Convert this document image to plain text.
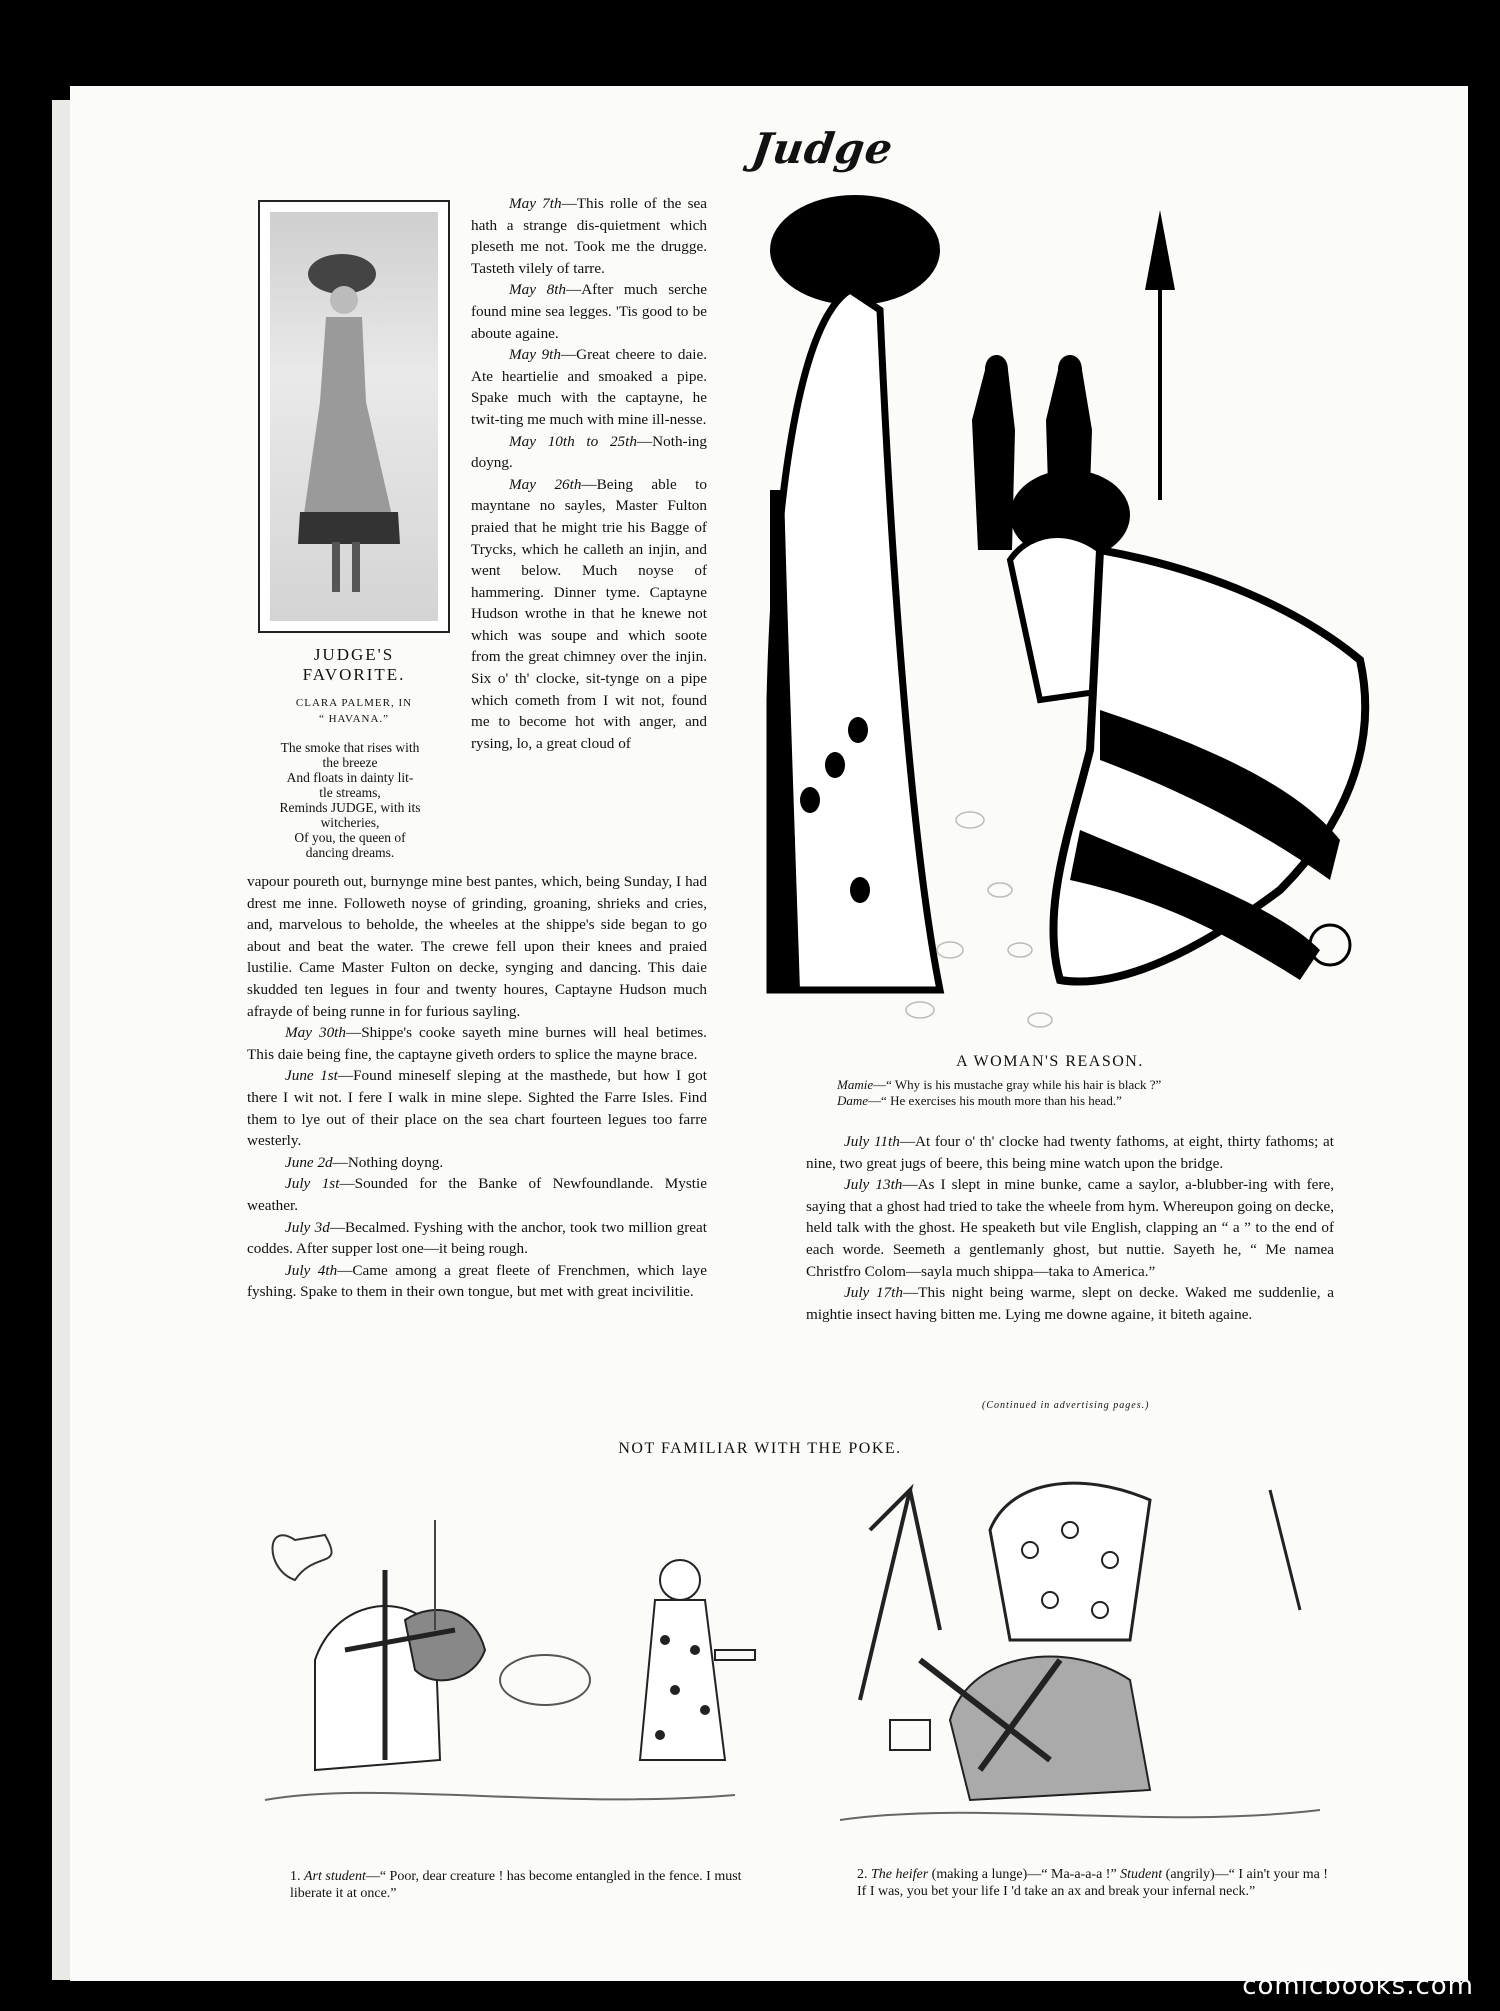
Judge
JUDGE'S
FAVORITE.
CLARA PALMER, IN
“ HAVANA.”
The smoke that rises with
the breeze
And floats in dainty lit-
tle streams,
Reminds JUDGE, with its
witcheries,
Of you, the queen of
dancing dreams.

May 7th—This rolle of the sea hath a strange dis-quietment which pleseth me not. Took me the drugge. Tasteth vilely of tarre.

May 8th—After much serche found mine sea legges. 'Tis good to be aboute againe.

May 9th—Great cheere to daie. Ate heartielie and smoaked a pipe. Spake much with the captayne, he twit-ting me much with mine ill-nesse.

May 10th to 25th—Noth-ing doyng.

May 26th—Being able to mayntane no sayles, Master Fulton praied that he might trie his Bagge of Trycks, which he calleth an injin, and went below. Much noyse of hammering. Dinner tyme. Captayne Hudson wrothe in that he knewe not which was soupe and which soote from the great chimney over the injin. Six o' th' clocke, sit-tynge on a pipe which cometh from I wit not, found me to become hot with anger, and rysing, lo, a great cloud of

vapour poureth out, burnynge mine best pantes, which, being Sunday, I had drest me inne. Followeth noyse of grinding, groaning, shrieks and cries, and, marvelous to beholde, the wheeles at the shippe's side began to go about and beat the water. The crewe fell upon their knees and praied lustilie. Came Master Fulton on decke, synging and dancing. This daie skudded ten legues in four and twenty houres, Captayne Hudson much afrayde of being runne in for furious sayling.

May 30th—Shippe's cooke sayeth mine burnes will heal betimes. This daie being fine, the captayne giveth orders to splice the mayne brace.

June 1st—Found mineself sleping at the masthede, but how I got there I wit not. I fere I walk in mine slepe. Sighted the Farre Isles. Find them to lye out of their place on the sea chart fourteen legues too farre westerly.

June 2d—Nothing doyng.

July 1st—Sounded for the Banke of Newfoundlande. Mystie weather.

July 3d—Becalmed. Fyshing with the anchor, took two million great coddes. After supper lost one—it being rough.

July 4th—Came among a great fleete of Frenchmen, which laye fyshing. Spake to them in their own tongue, but met with great incivilitie.

A WOMAN'S REASON.
Mamie—“ Why is his mustache gray while his hair is black ?”
Dame—“ He exercises his mouth more than his head.”

July 11th—At four o' th' clocke had twenty fathoms, at eight, thirty fathoms; at nine, two great jugs of beere, this being mine watch upon the bridge.

July 13th—As I slept in mine bunke, came a saylor, a-blubber-ing with fere, saying that a ghost had tried to take the wheele from hym. Whereupon going on decke, held talk with the ghost. He speaketh but vile English, clapping an “ a ” to the end of each worde. Seemeth a gentlemanly ghost, but nuttie. Sayeth he, “ Me namea Christfro Colom—sayla much shippa—taka to America.”

July 17th—This night being warme, slept on decke. Waked me suddenlie, a mightie insect having bitten me. Lying me downe againe, it biteth againe.

(Continued in advertising pages.)
NOT FAMILIAR WITH THE POKE.
1. Art student—“ Poor, dear creature ! has become entangled in the fence. I must liberate it at once.”
2. The heifer (making a lunge)—“ Ma-a-a-a !” Student (angrily)—“ I ain't your ma ! If I was, you bet your life I 'd take an ax and break your infernal neck.”
comicbooks.com
